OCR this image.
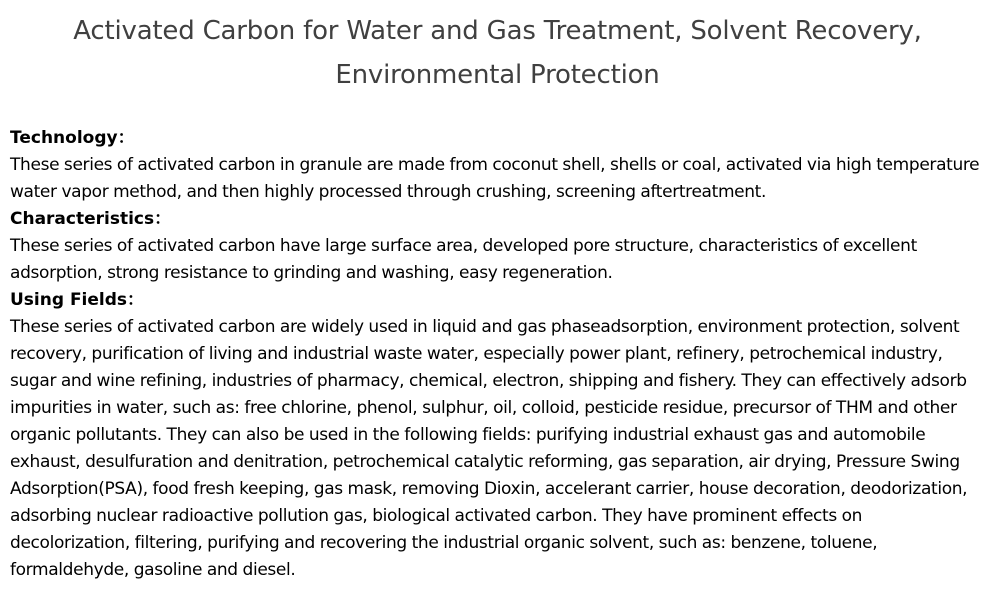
Activated Carbon for Water and Gas Treatment, Solvent Recovery, Environmental Protection

Technology：

These series of activated carbon in granule are made from coconut shell, shells or coal, activated via high temperature water vapor method, and then highly processed through crushing, screening aftertreatment.

Characteristics：

These series of activated carbon have large surface area, developed pore structure, characteristics of excellent adsorption, strong resistance to grinding and washing, easy regeneration.

Using Fields：

These series of activated carbon are widely used in liquid and gas phaseadsorption, environment protection, solvent recovery, purification of living and industrial waste water, especially power plant, refinery, petrochemical industry, sugar and wine refining, industries of pharmacy, chemical, electron, shipping and fishery. They can effectively adsorb impurities in water, such as: free chlorine, phenol, sulphur, oil, colloid, pesticide residue, precursor of THM and other organic pollutants. They can also be used in the following fields: purifying industrial exhaust gas and automobile exhaust, desulfuration and denitration, petrochemical catalytic reforming, gas separation, air drying, Pressure Swing Adsorption(PSA), food fresh keeping, gas mask, removing Dioxin, accelerant carrier, house decoration, deodorization, adsorbing nuclear radioactive pollution gas, biological activated carbon. They have prominent effects on decolorization, filtering, purifying and recovering the industrial organic solvent, such as: benzene, toluene, formaldehyde, gasoline and diesel.
